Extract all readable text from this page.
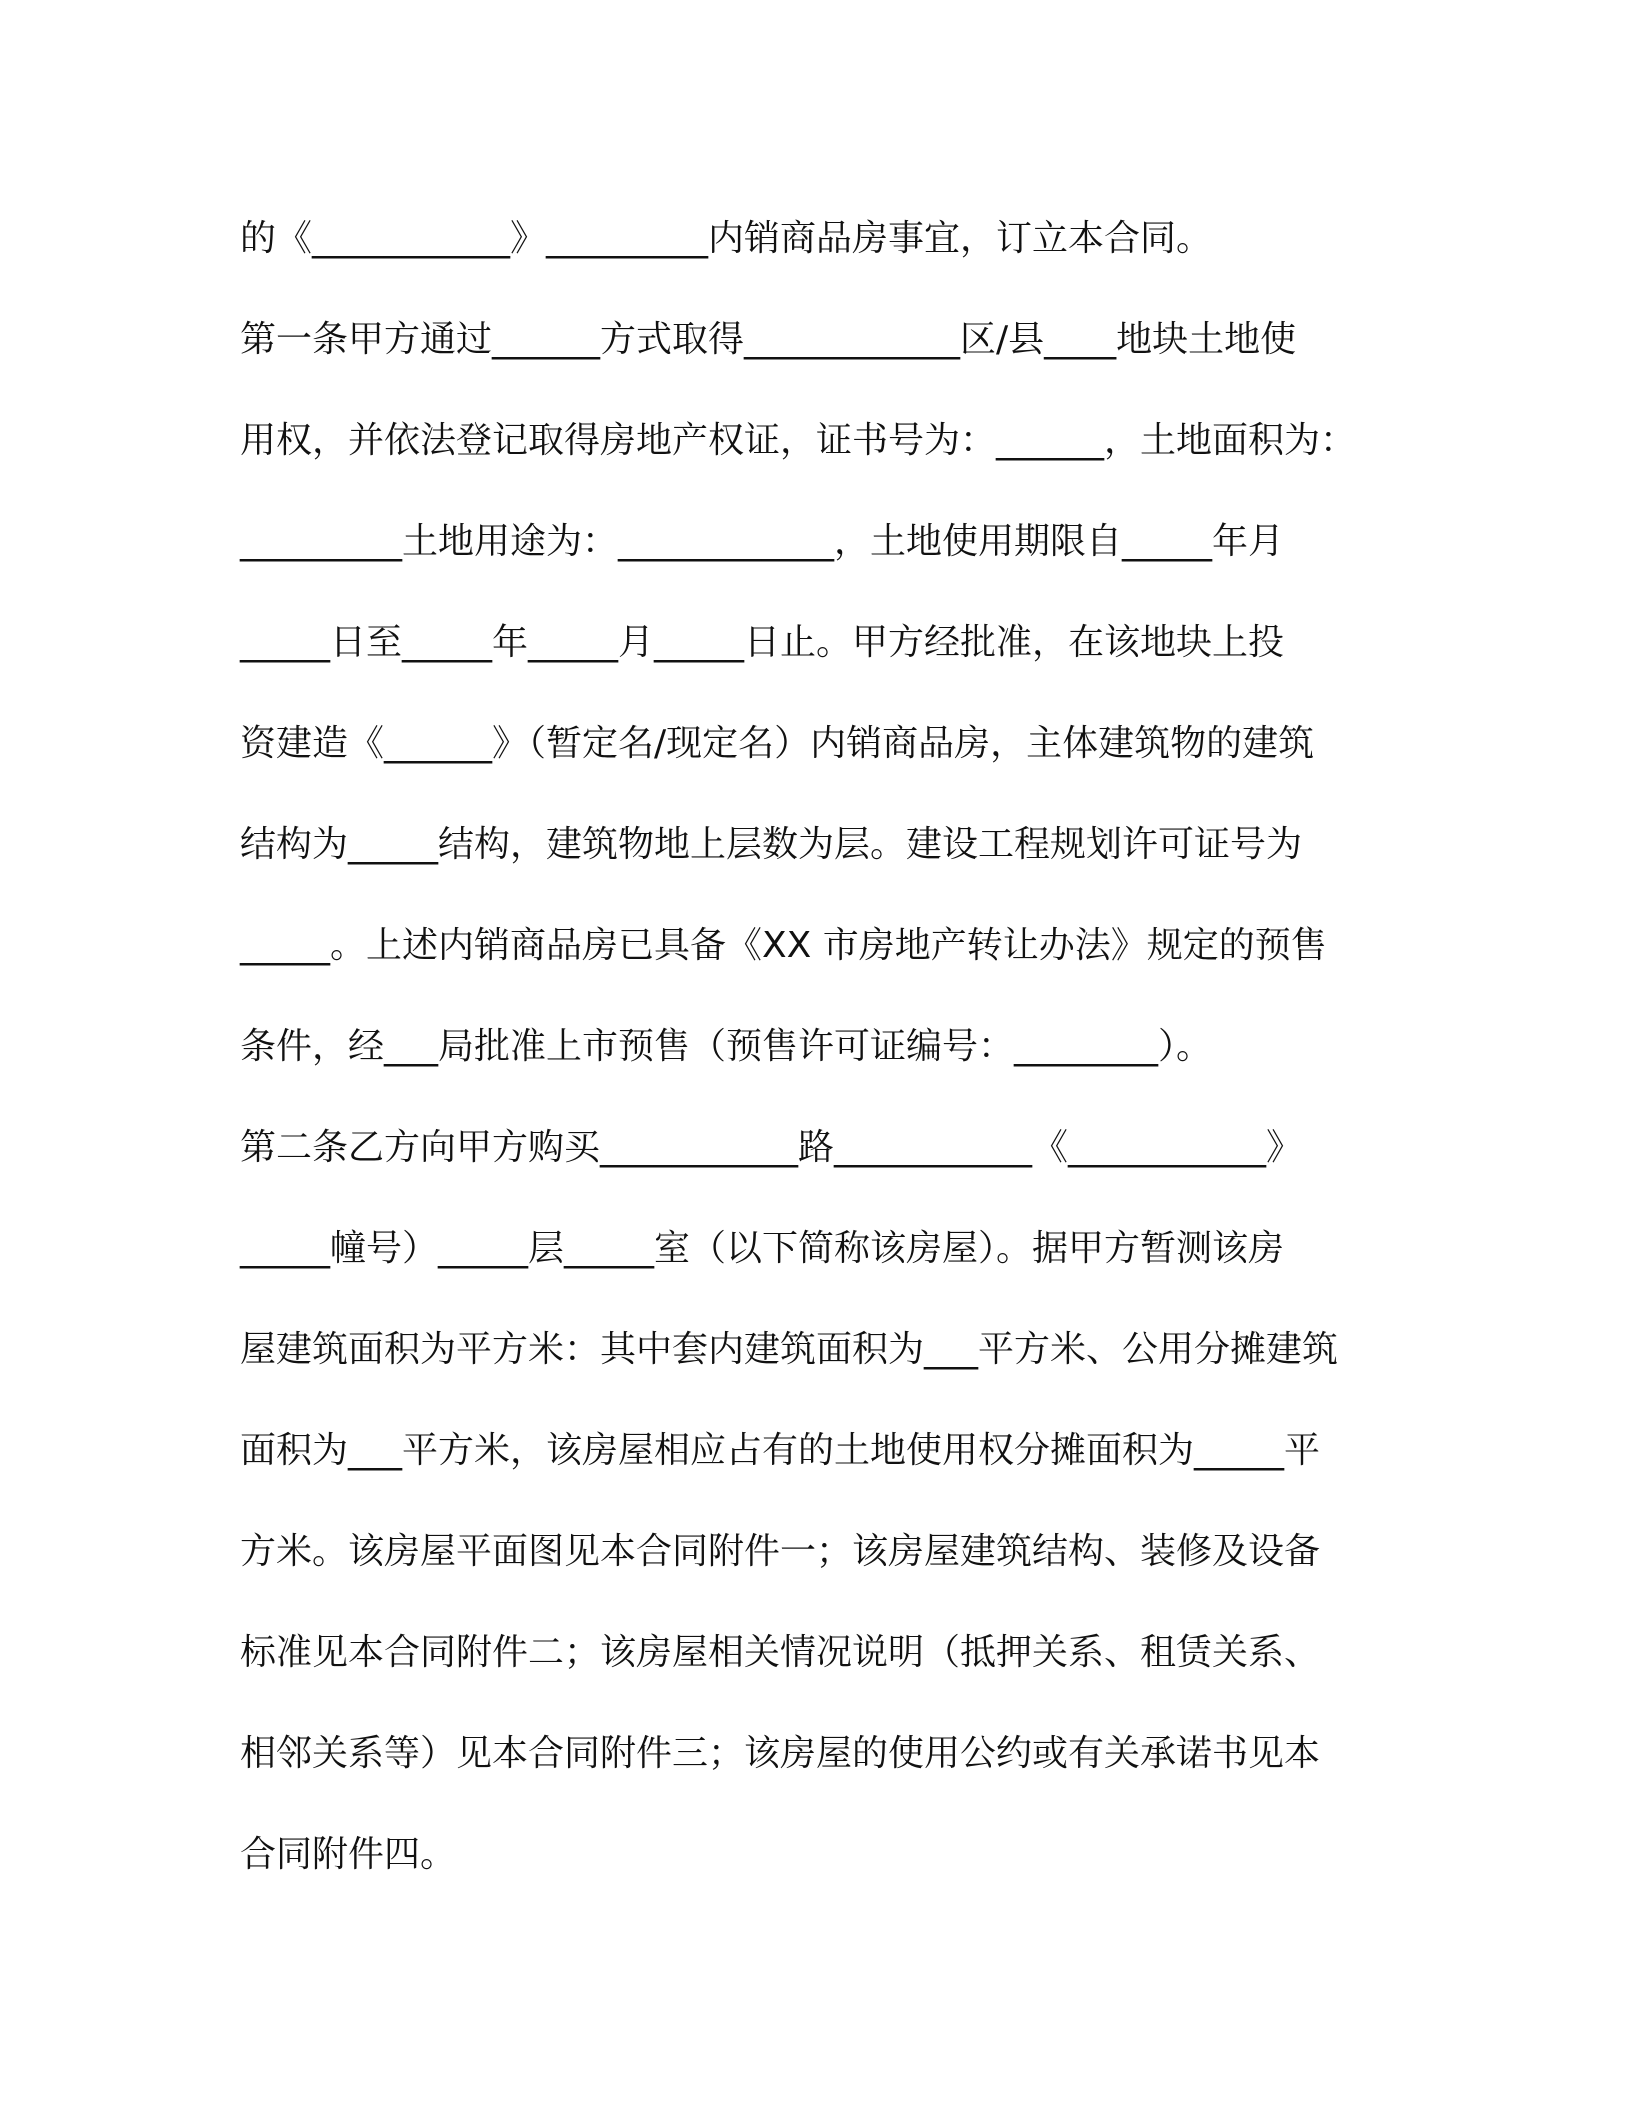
的《___________》_________内销商品房事宜，订立本合同。
第一条甲方通过______方式取得____________区/县____地块土地使
用权，并依法登记取得房地产权证，证书号为：______，土地面积为：
_________土地用途为：____________，土地使用期限自_____年月
_____日至_____年_____月_____日止。甲方经批准，在该地块上投
资建造《______》（暂定名/现定名）内销商品房，主体建筑物的建筑
结构为_____结构，建筑物地上层数为层。建设工程规划许可证号为
_____。上述内销商品房已具备《XX 市房地产转让办法》规定的预售
条件，经___局批准上市预售（预售许可证编号：________）。
第二条乙方向甲方购买___________路___________《___________》
_____幢号）_____层_____室（以下简称该房屋）。据甲方暂测该房
屋建筑面积为平方米：其中套内建筑面积为___平方米、公用分摊建筑
面积为___平方米，该房屋相应占有的土地使用权分摊面积为_____平
方米。该房屋平面图见本合同附件一；该房屋建筑结构、装修及设备
标准见本合同附件二；该房屋相关情况说明（抵押关系、租赁关系、
相邻关系等）见本合同附件三；该房屋的使用公约或有关承诺书见本
合同附件四。
